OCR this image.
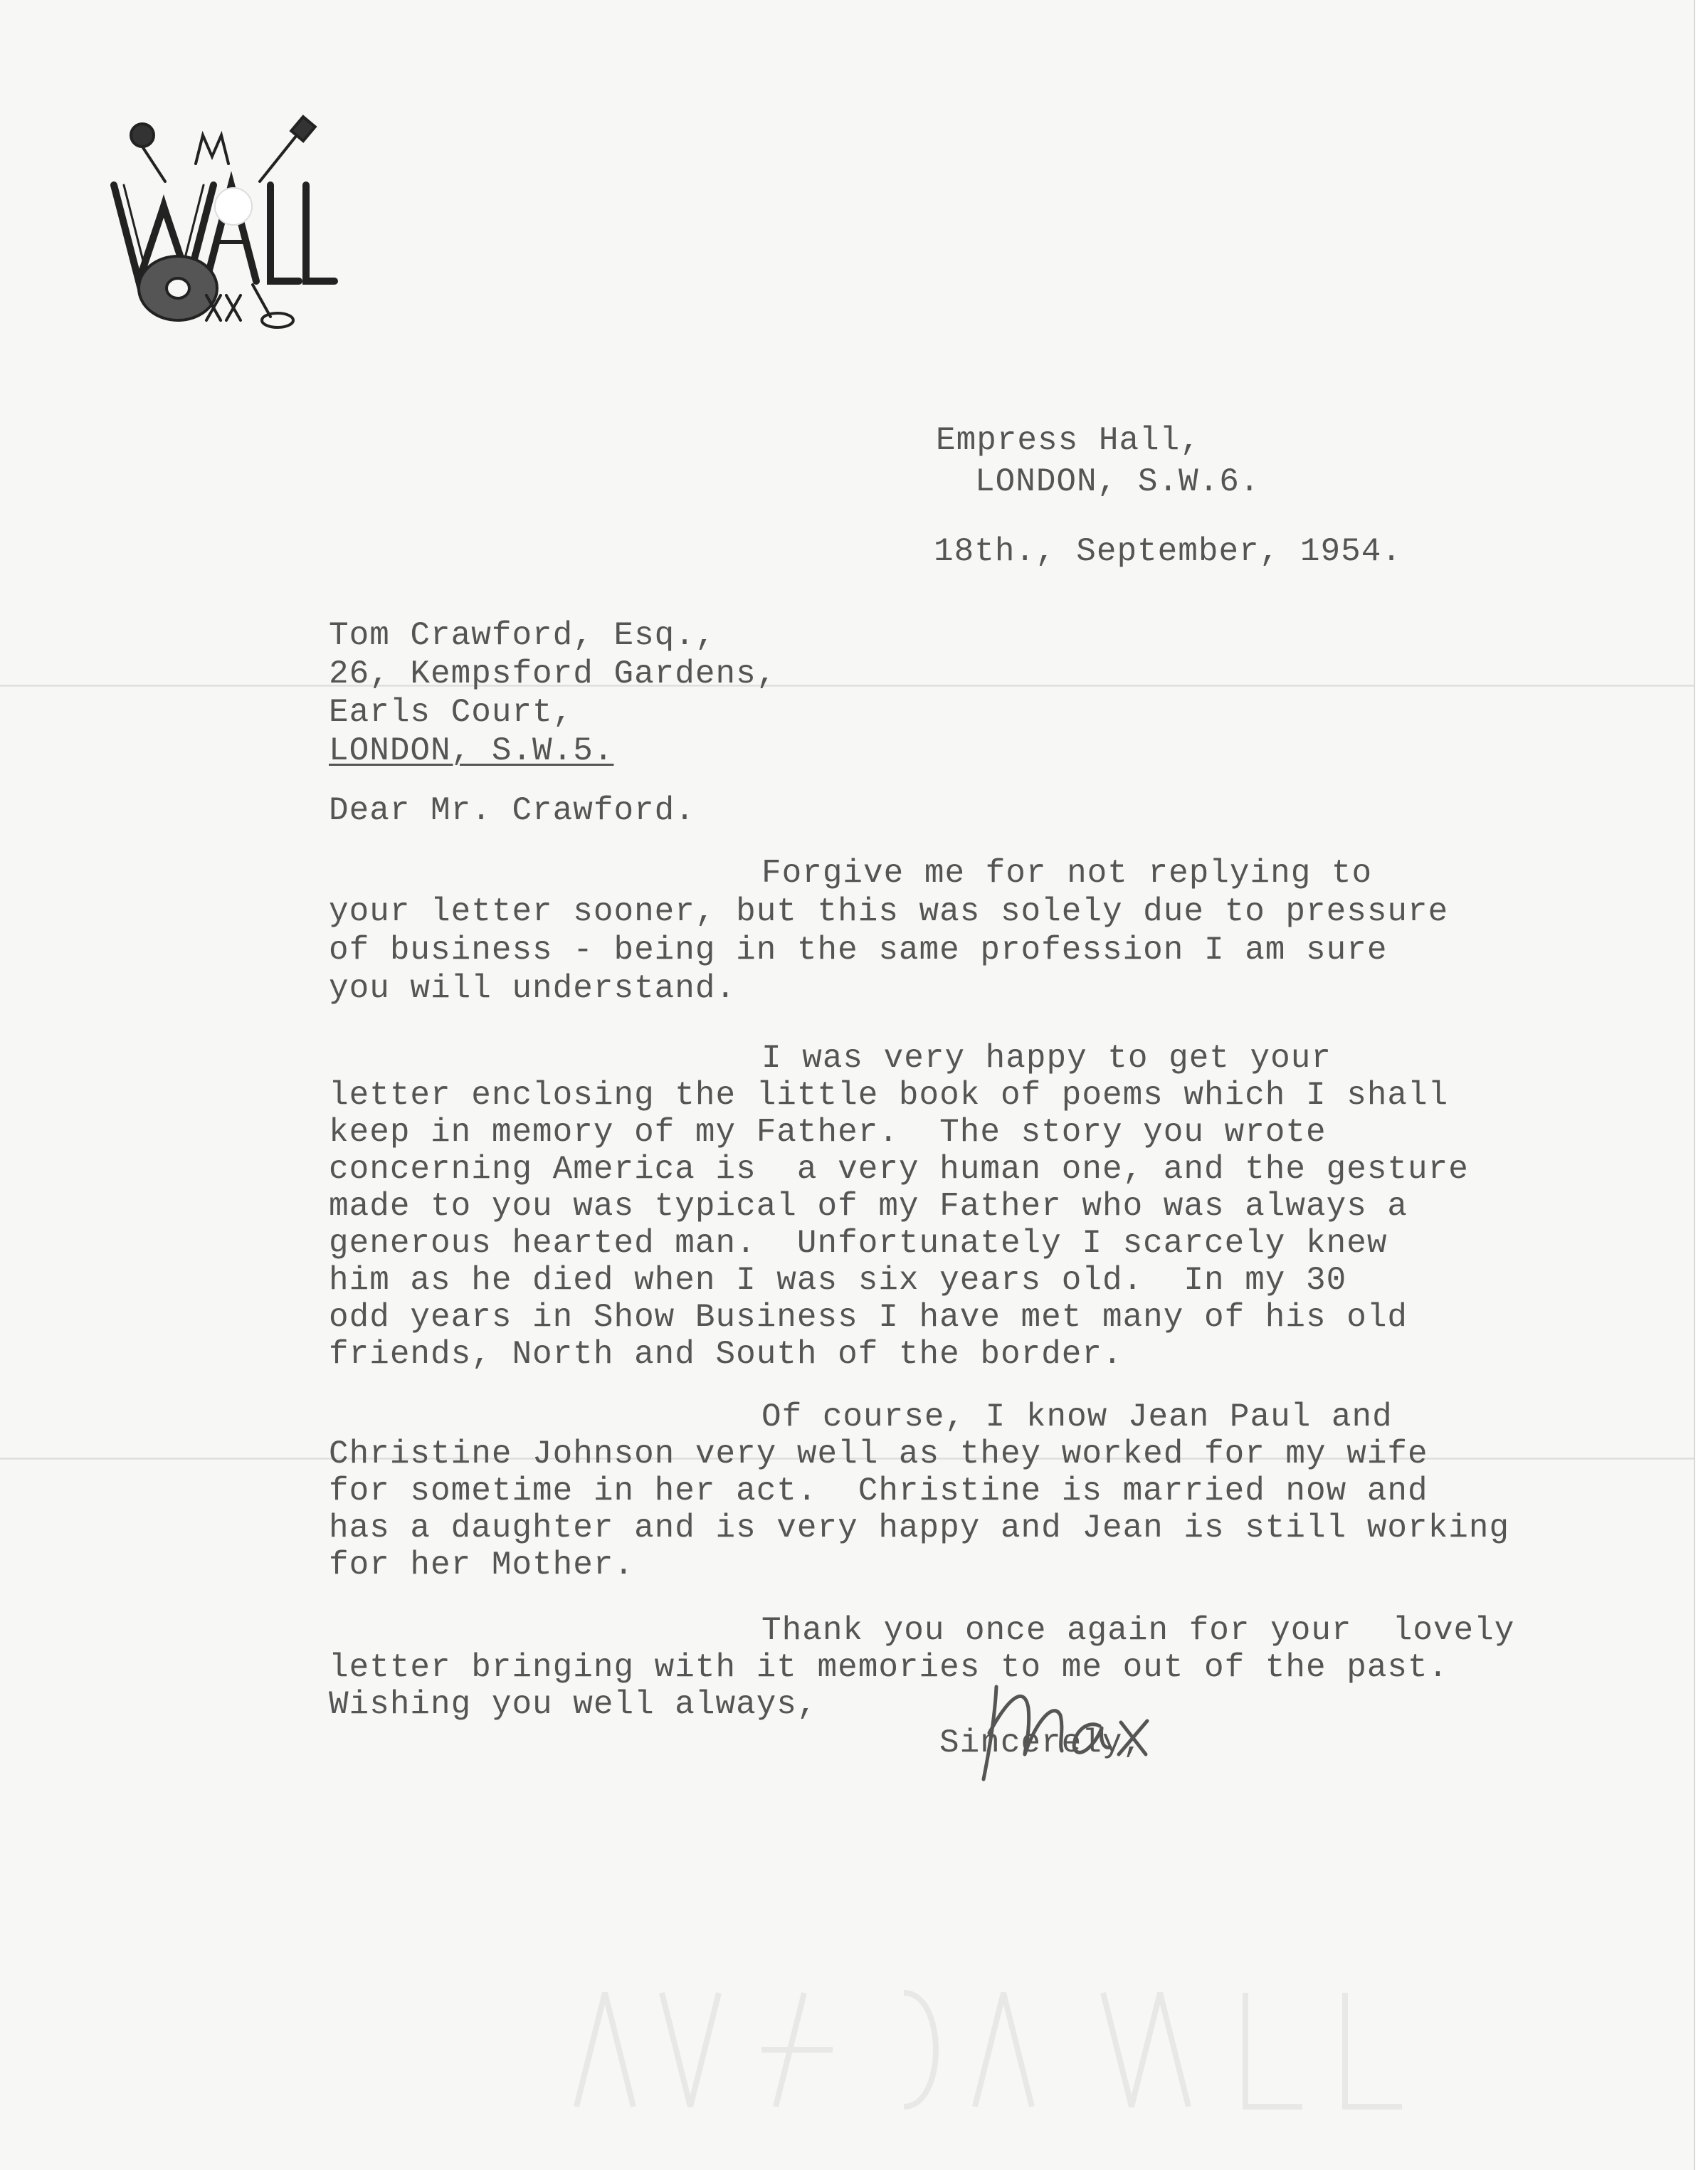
Empress Hall,
LONDON, S.W.6.
18th., September, 1954.
Tom Crawford, Esq.,
26, Kempsford Gardens,
Earls Court,
LONDON, S.W.5.
Dear Mr. Crawford.
Forgive me for not replying to
your letter sooner, but this was solely due to pressure
of business - being in the same profession I am sure
you will understand.
I was very happy to get your
letter enclosing the little book of poems which I shall
keep in memory of my Father.  The story you wrote
concerning America is  a very human one, and the gesture
made to you was typical of my Father who was always a
generous hearted man.  Unfortunately I scarcely knew
him as he died when I was six years old.  In my 30
odd years in Show Business I have met many of his old
friends, North and South of the border.
Of course, I know Jean Paul and
Christine Johnson very well as they worked for my wife
for sometime in her act.  Christine is married now and
has a daughter and is very happy and Jean is still working
for her Mother.
Thank you once again for your  lovely
letter bringing with it memories to me out of the past.
Wishing you well always,
Sincerely,
